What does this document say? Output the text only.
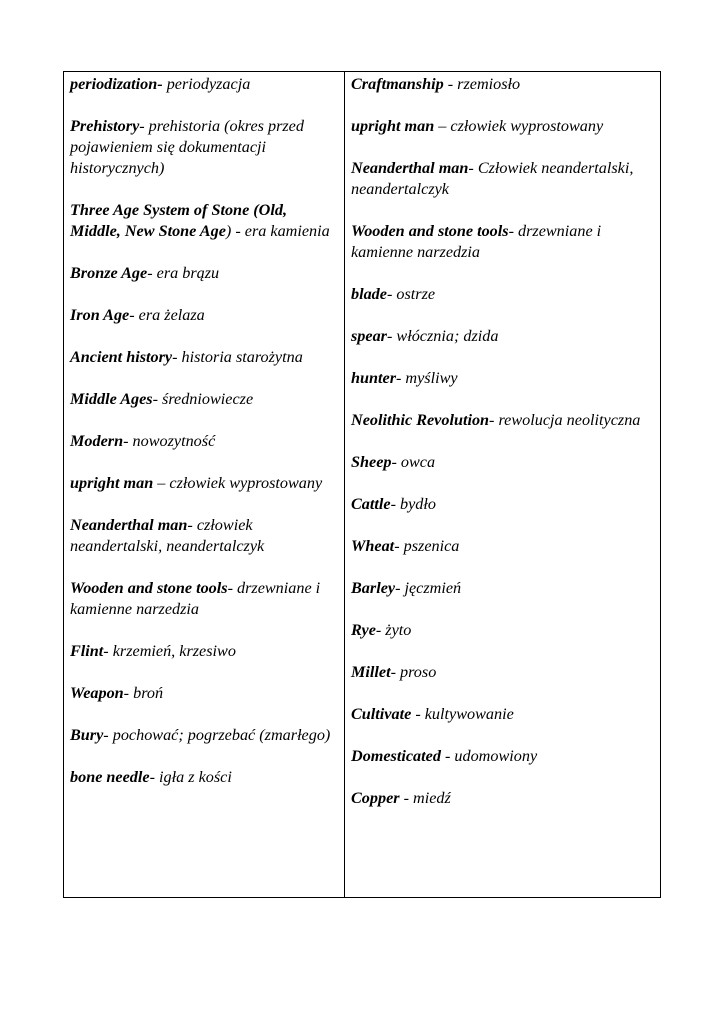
periodization- periodyzacja

Prehistory- prehistoria (okres przed pojawieniem się dokumentacji historycznych)

Three Age System of Stone (Old, Middle, New Stone Age) - era kamienia

Bronze Age- era brązu

Iron Age- era żelaza

Ancient history- historia starożytna

Middle Ages- średniowiecze

Modern- nowozytność

upright man – człowiek wyprostowany

Neanderthal man- człowiek neandertalski, neandertalczyk

Wooden and stone tools- drzewniane i kamienne narzedzia

Flint- krzemień, krzesiwo

Weapon- broń

Bury- pochować; pogrzebać (zmarłego)

bone needle- igła z kości

Craftmanship - rzemiosło

upright man – człowiek wyprostowany

Neanderthal man- Człowiek neandertalski, neandertalczyk

Wooden and stone tools- drzewniane i kamienne narzedzia

blade- ostrze

spear- włócznia; dzida

hunter- myśliwy

Neolithic Revolution- rewolucja neolityczna

Sheep- owca

Cattle- bydło

Wheat- pszenica

Barley- jęczmień

Rye- żyto

Millet- proso

Cultivate - kultywowanie

Domesticated - udomowiony

Copper - miedź
